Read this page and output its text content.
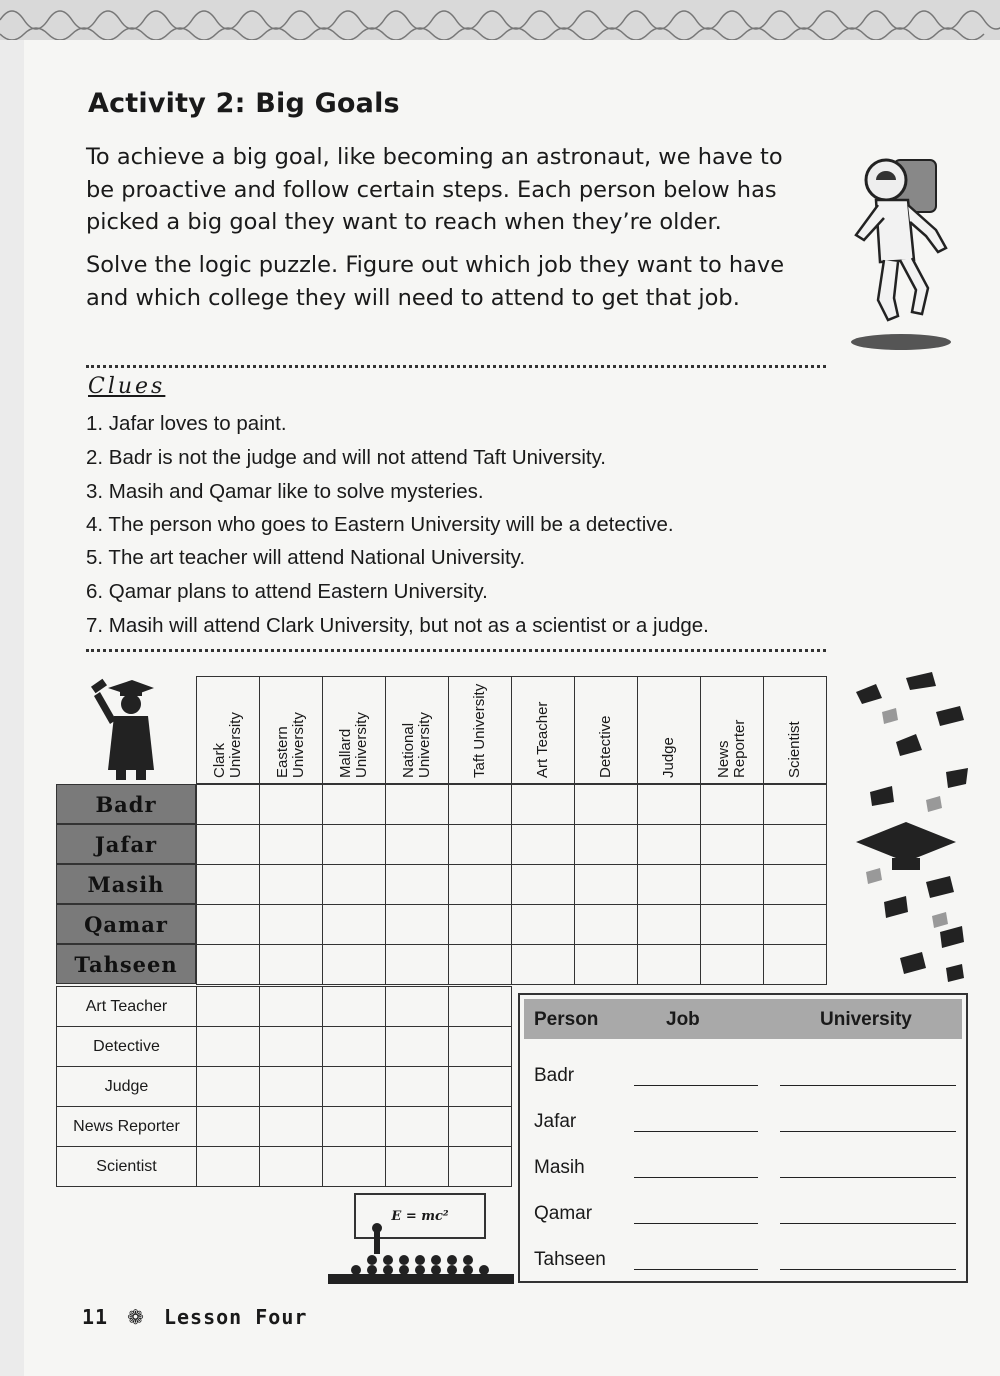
Activity 2: Big Goals
To achieve a big goal, like becoming an astronaut, we have to be proactive and follow certain steps. Each person below has picked a big goal they want to reach when they’re older.
Solve the logic puzzle. Figure out which job they want to have and which college they will need to attend to get that job.
Clues
1. Jafar loves to paint.
2. Badr is not the judge and will not attend Taft University.
3. Masih and Qamar like to solve mysteries.
4. The person who goes to Eastern University will be a detective.
5. The art teacher will attend National University.
6. Qamar plans to attend Eastern University.
7. Masih will attend Clark University, but not as a scientist or a judge.
Clark University	Eastern University	Mallard University	National University	Taft University	Art Teacher	Detective	Judge	News Reporter	Scientist
Badr
Jafar
Masih
Qamar
Tahseen

Art Teacher
Detective
Judge
News Reporter
Scientist

Person	Job	University
Badr
Jafar
Masih
Qamar
Tahseen
E = mc²
11 ❁ Lesson Four
